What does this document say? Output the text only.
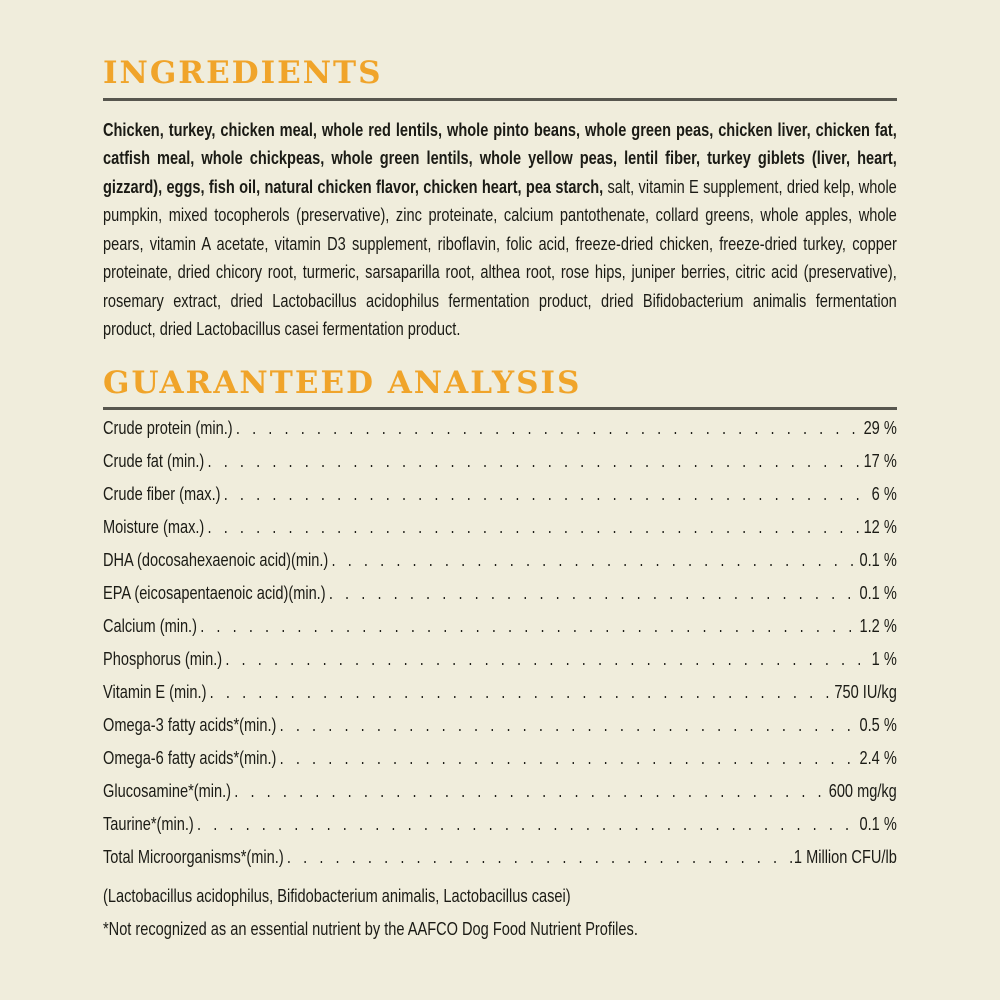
INGREDIENTS

Chicken, turkey, chicken meal, whole red lentils, whole pinto beans, whole green peas, chicken liver, chicken fat, catfish meal, whole chickpeas, whole green lentils, whole yellow peas, lentil fiber, turkey giblets (liver, heart, gizzard), eggs, fish oil, natural chicken flavor, chicken heart, pea starch, salt, vitamin E supplement, dried kelp, whole pumpkin, mixed tocopherols (preservative), zinc proteinate, calcium pantothenate, collard greens, whole apples, whole pears, vitamin A acetate, vitamin D3 supplement, riboflavin, folic acid, freeze-dried chicken, freeze-dried turkey, copper proteinate, dried chicory root, turmeric, sarsaparilla root, althea root, rose hips, juniper berries, citric acid (preservative), rosemary extract, dried Lactobacillus acidophilus fermentation product, dried Bifidobacterium animalis fermentation product, dried Lactobacillus casei fermentation product.

GUARANTEED ANALYSIS
Crude protein (min.) . . .	29 %
Crude fat (min.) . . .	17 %
Crude fiber (max.) . . .	6 %
Moisture (max.) . . .	12 %
DHA (docosahexaenoic acid)(min.) . . .	0.1 %
EPA (eicosapentaenoic acid)(min.) . . .	0.1 %
Calcium (min.) . . .	1.2 %
Phosphorus (min.) . . .	1 %
Vitamin E (min.) . . .	750 IU/kg
Omega-3 fatty acids*(min.) . . .	0.5 %
Omega-6 fatty acids*(min.) . . .	2.4 %
Glucosamine*(min.) . . .	600 mg/kg
Taurine*(min.) . . .	0.1 %
Total Microorganisms*(min.) . . .	1 Million CFU/lb

(Lactobacillus acidophilus, Bifidobacterium animalis, Lactobacillus casei)

*Not recognized as an essential nutrient by the AAFCO Dog Food Nutrient Profiles.
